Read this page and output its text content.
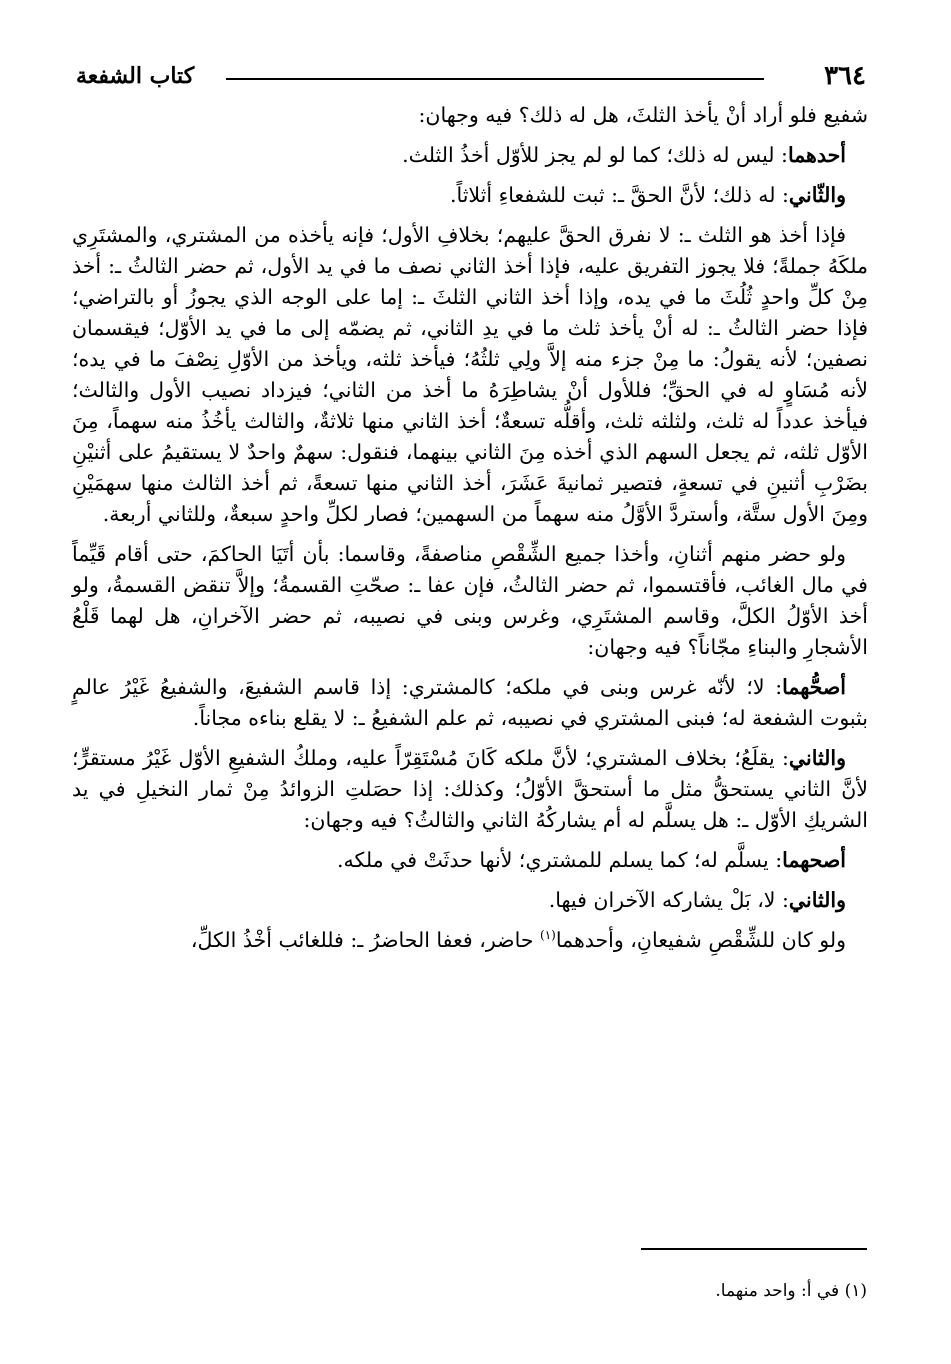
٣٦٤
كتاب الشفعة

شفيع فلو أراد أنْ يأخذ الثلثَ، هل له ذلك؟ فيه وجهان:

أحدهما: ليس له ذلك؛ كما لو لم يجز للأوّل أخذُ الثلث.

والثّاني: له ذلك؛ لأنَّ الحقَّ ـ: ثبت للشفعاءِ أثلاثاً.

فإذا أخذ هو الثلث ـ: لا نفرق الحقَّ عليهم؛ بخلافِ الأول؛ فإنه يأخذه من المشتري، والمشتَرِي ملكَهُ جملةً؛ فلا يجوز التفريق عليه، فإذا أخذ الثاني نصف ما في يد الأول، ثم حضر الثالثُ ـ: أخذ مِنْ كلِّ واحدٍ ثُلُثَ ما في يده، وإذا أخذ الثاني الثلثَ ـ: إما على الوجه الذي يجوزُ أو بالتراضي؛ فإذا حضر الثالثُ ـ: له أنْ يأخذ ثلث ما في يدِ الثاني، ثم يضمّه إلى ما في يد الأوّل؛ فيقسمان نصفين؛ لأنه يقولُ: ما مِنْ جزء منه إلاَّ ولِي ثلثُهُ؛ فيأخذ ثلثه، ويأخذ من الأوّلِ نِصْفَ ما في يده؛ لأنه مُسَاوٍ له في الحقِّ؛ فللأول أنْ يشاطِرَهُ ما أخذ من الثاني؛ فيزداد نصيب الأول والثالث؛ فيأخذ عدداً له ثلث، ولثلثه ثلث، وأقلُّه تسعةٌ؛ أخذ الثاني منها ثلاثةٌ، والثالث يأخُذُ منه سهماً، مِنَ الأوّل ثلثه، ثم يجعل السهم الذي أخذه مِنَ الثاني بينهما، فنقول: سهمٌ واحدٌ لا يستقيمُ على أثنيْنِ بضَرْبِ أثنينِ في تسعةٍ، فتصير ثمانيةَ عَشَرَ، أخذ الثاني منها تسعةً، ثم أخذ الثالث منها سهمَيْنِ ومِنَ الأول ستَّة، وأستردَّ الأوَّلُ منه سهماً من السهمين؛ فصار لكلِّ واحدٍ سبعةٌ، وللثاني أربعة.

ولو حضر منهم أثنانِ، وأخذا جميع الشِّقْصِ مناصفةً، وقاسما: بأن أتَيَا الحاكمَ، حتى أقام قَيِّماً في مال الغائب، فأقتسموا، ثم حضر الثالثُ، فإن عفا ـ: صحّتِ القسمةُ؛ وإلاَّ تنقض القسمةُ، ولو أخذ الأوّلُ الكلَّ، وقاسم المشتَرِي، وغرس وبنى في نصيبه، ثم حضر الآخرانِ، هل لهما قَلْعُ الأشجارِ والبناءِ مجّاناً؟ فيه وجهان:

أصحُّهما: لا؛ لأنّه غرس وبنى في ملكه؛ كالمشتري: إذا قاسم الشفيعَ، والشفيعُ غَيْرُ عالمٍ بثبوت الشفعة له؛ فبنى المشتري في نصيبه، ثم علم الشفيعُ ـ: لا يقلع بناءه مجاناً.

والثاني: يقلَعُ؛ بخلاف المشتري؛ لأنَّ ملكه كَانَ مُسْتَقِرّاً عليه، وملكُ الشفيعِ الأوّل غَيْرُ مستقرٍّ؛ لأنَّ الثاني يستحقُّ مثل ما أستحقَّ الأوّلُ؛ وكذلك: إذا حصَلتِ الزوائدُ مِنْ ثمار النخيلِ في يد الشريكِ الأوّل ـ: هل يسلَّم له أم يشاركُهُ الثاني والثالثُ؟ فيه وجهان:

أصحهما: يسلَّم له؛ كما يسلم للمشتري؛ لأنها حدثَتْ في ملكه.

والثاني: لا، بَلْ يشاركه الآخران فيها.

ولو كان للشِّقْصِ شفيعانِ، وأحدهما$^{(١)}$ حاضر، فعفا الحاضرُ ـ: فللغائب أخْذُ الكلِّ،

(١) في أ: واحد منهما.
